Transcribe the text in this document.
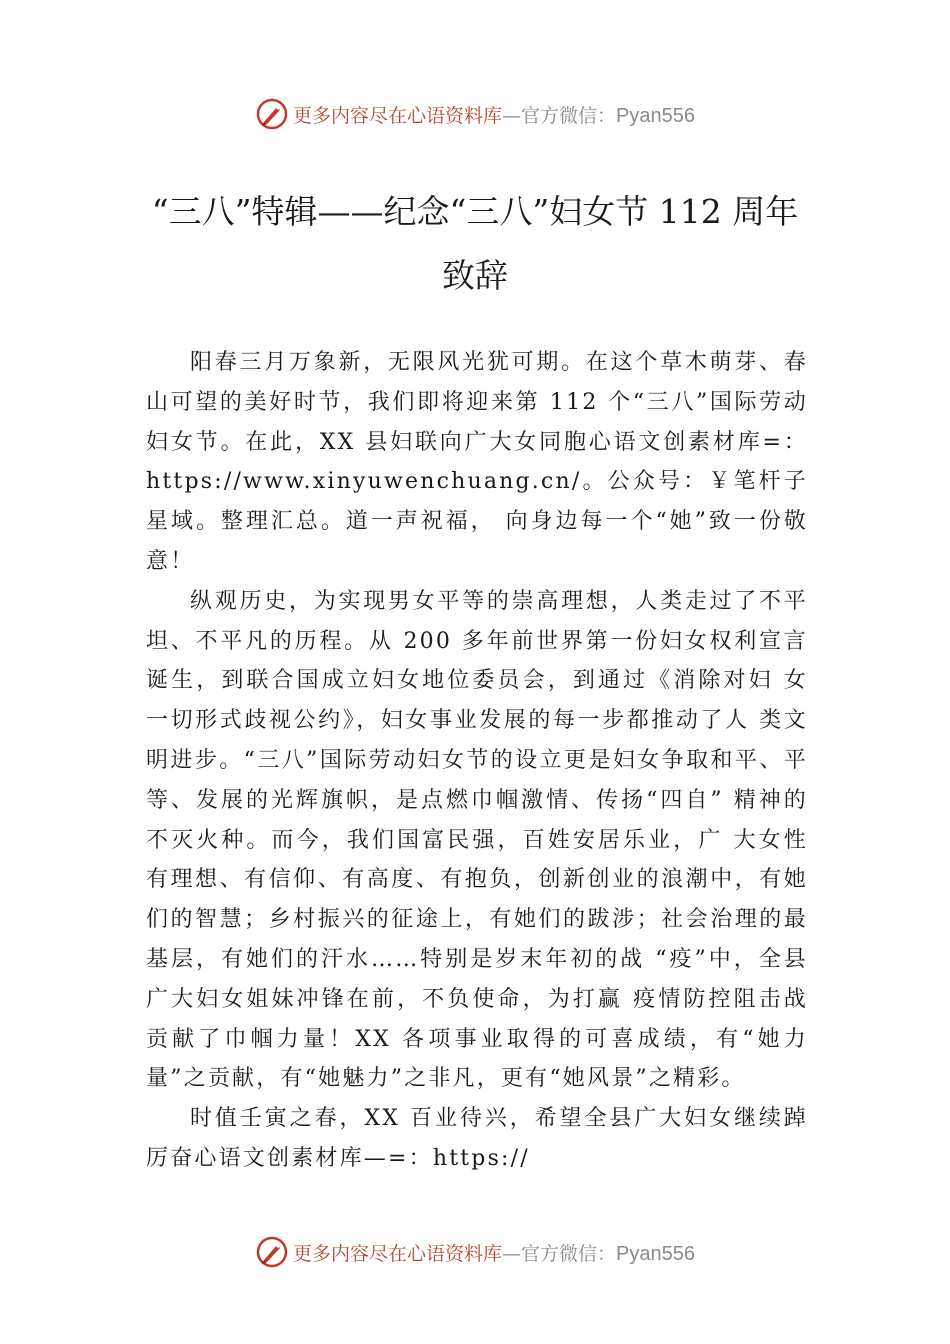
更多内容尽在心语资料库—官方微信：Pyan556
“三八”特辑——纪念“三八”妇女节 112 周年致辞

阳春三月万象新，无限风光犹可期。在这个草木萌芽、春山可望的美好时节，我们即将迎来第 112 个“三八”国际劳动妇女节。在此，XX 县妇联向广大女同胞心语文创素材库=：https://www.xinyuwenchuang.cn/。公众号：￥笔杆子星域。整理汇总。道一声祝福， 向身边每一个“她”致一份敬意！

纵观历史，为实现男女平等的崇高理想，人类走过了不平坦、不平凡的历程。从 200 多年前世界第一份妇女权利宣言诞生，到联合国成立妇女地位委员会，到通过《消除对妇 女一切形式歧视公约》，妇女事业发展的每一步都推动了人 类文明进步。“三八”国际劳动妇女节的设立更是妇女争取和平、平等、发展的光辉旗帜，是点燃巾帼激情、传扬“四自” 精神的不灭火种。而今，我们国富民强，百姓安居乐业，广 大女性有理想、有信仰、有高度、有抱负，创新创业的浪潮中，有她们的智慧；乡村振兴的征途上，有她们的跋涉；社会治理的最基层，有她们的汗水……特别是岁末年初的战 “疫”中，全县广大妇女姐妹冲锋在前，不负使命，为打赢 疫情防控阻击战贡献了巾帼力量！XX 各项事业取得的可喜成绩，有“她力量”之贡献，有“她魅力”之非凡，更有“她风景”之精彩。

时值壬寅之春，XX 百业待兴，希望全县广大妇女继续踔厉奋心语文创素材库—=：https://

更多内容尽在心语资料库—官方微信：Pyan556
